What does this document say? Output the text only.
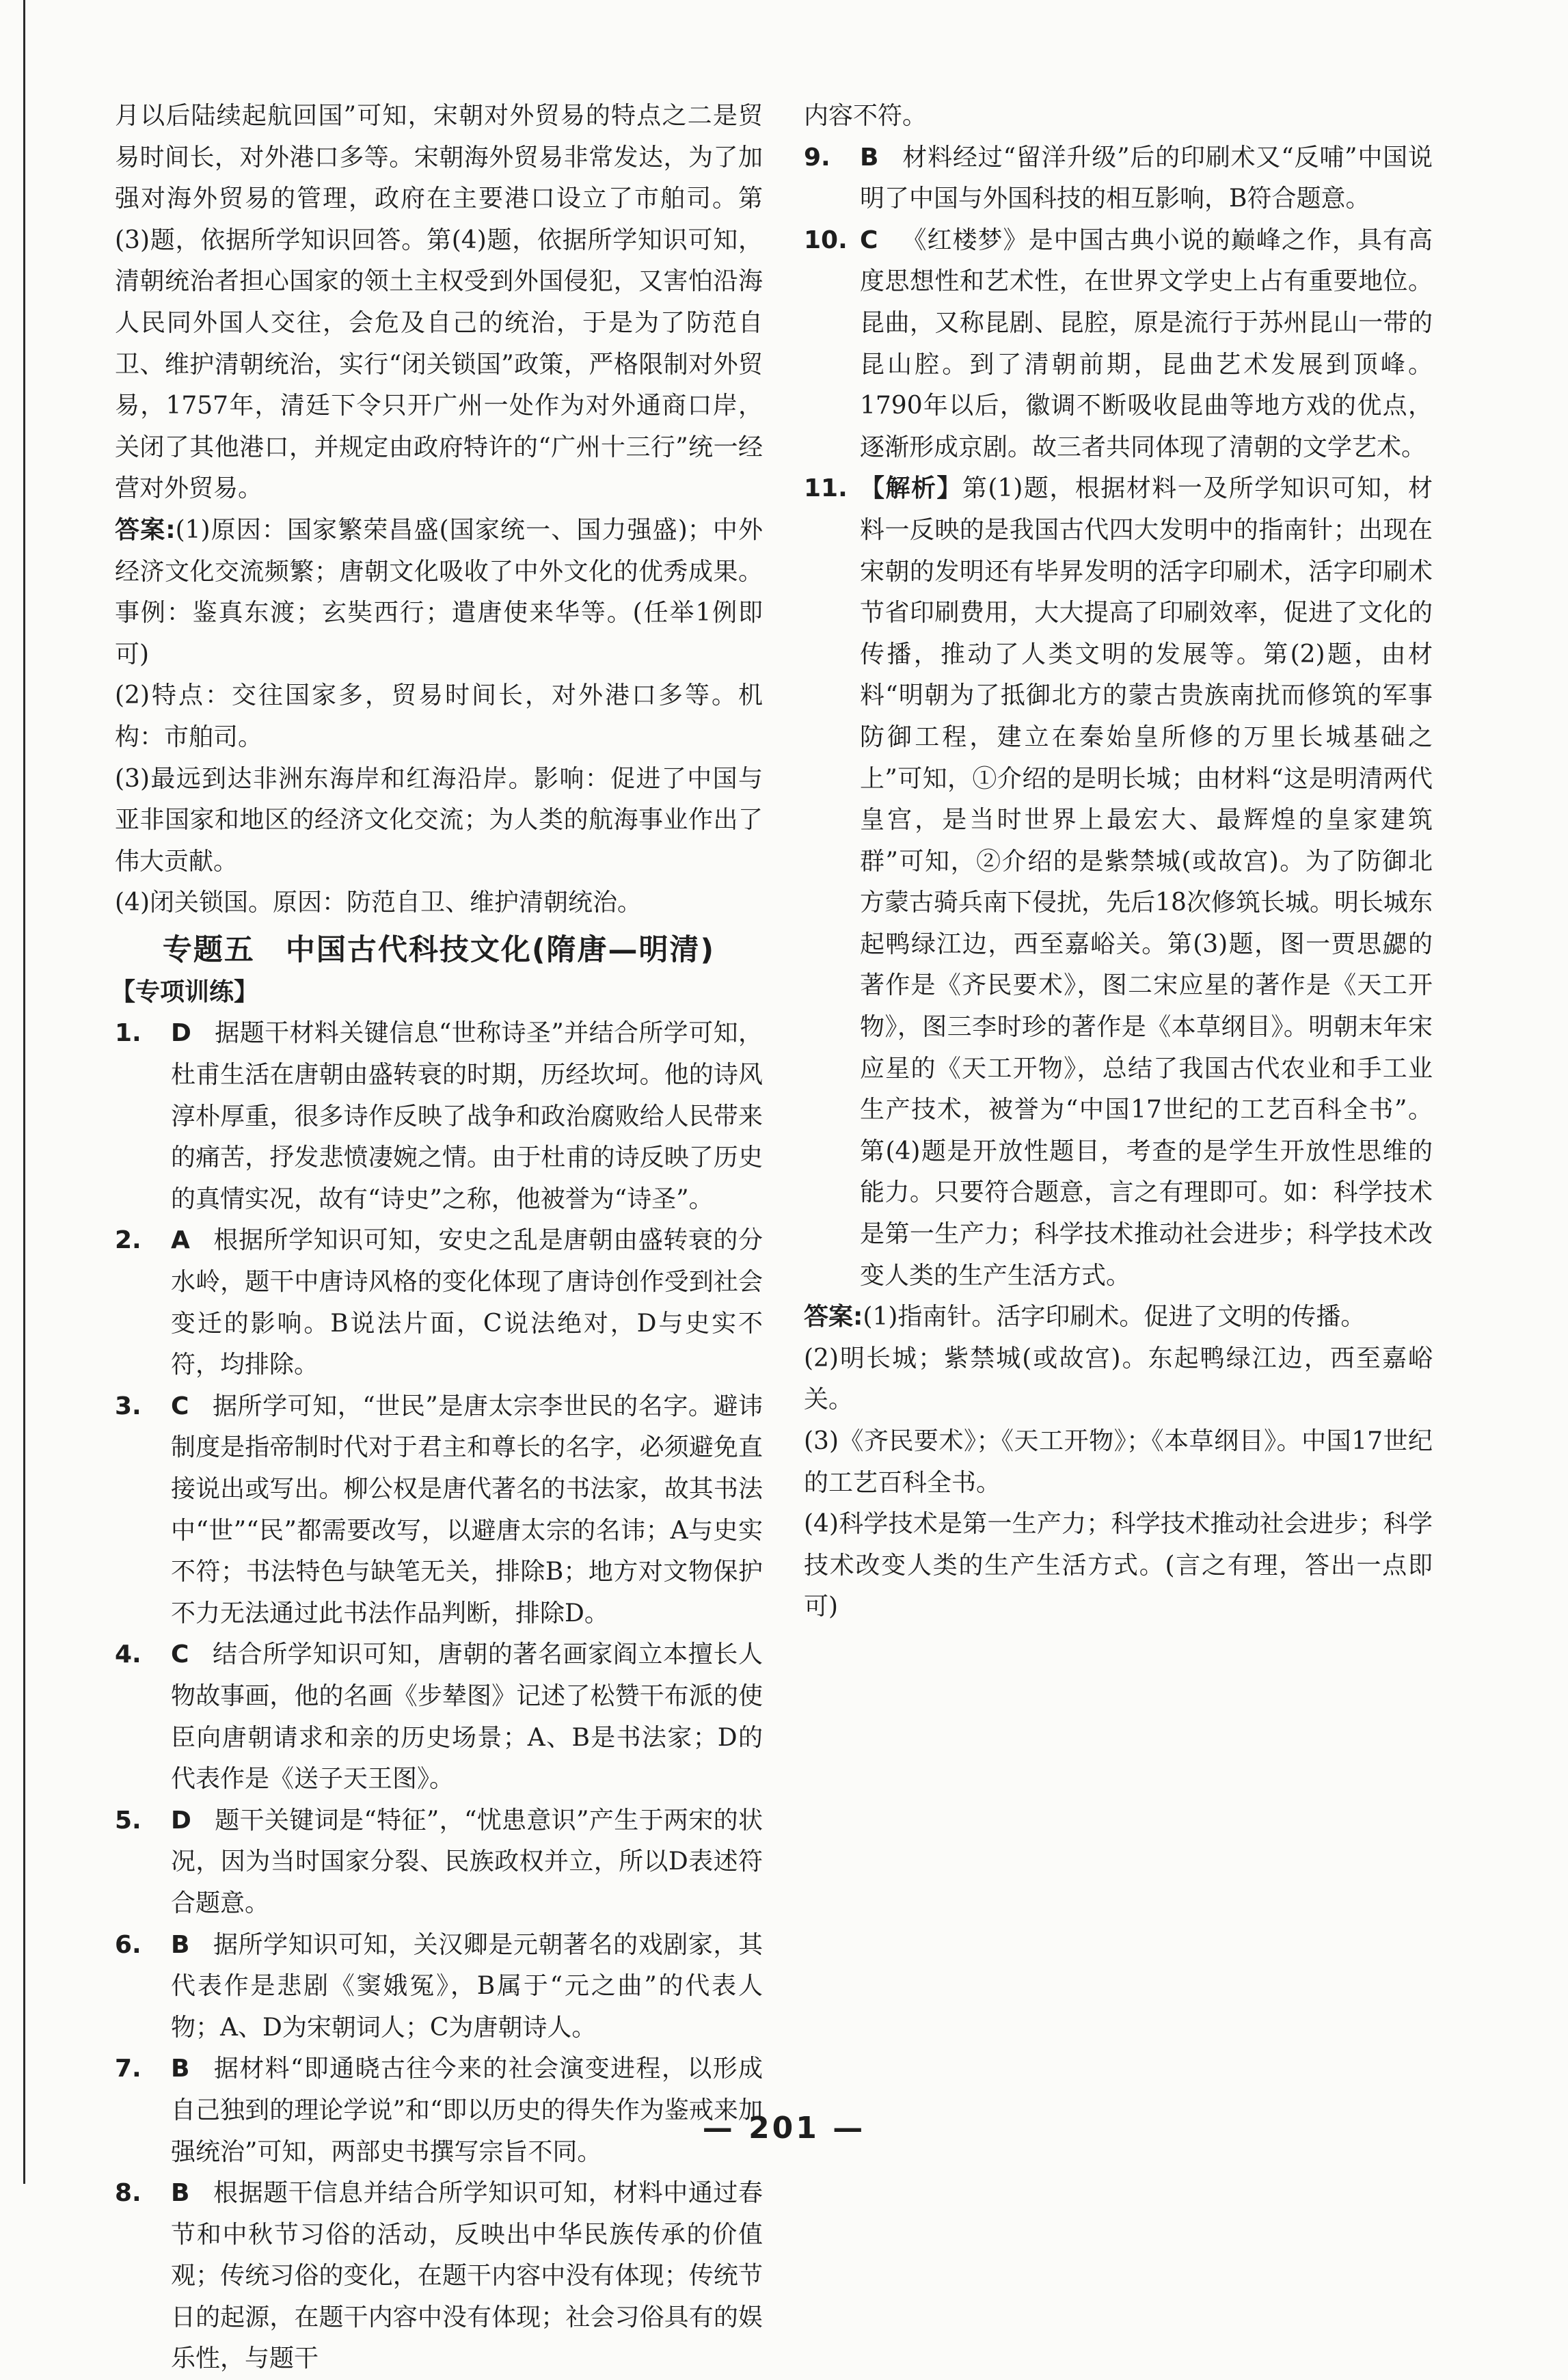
月以后陆续起航回国”可知，宋朝对外贸易的特点之二是贸易时间长，对外港口多等。宋朝海外贸易非常发达，为了加强对海外贸易的管理，政府在主要港口设立了市舶司。第(3)题，依据所学知识回答。第(4)题，依据所学知识可知，清朝统治者担心国家的领土主权受到外国侵犯，又害怕沿海人民同外国人交往，会危及自己的统治，于是为了防范自卫、维护清朝统治，实行“闭关锁国”政策，严格限制对外贸易，1757年，清廷下令只开广州一处作为对外通商口岸，关闭了其他港口，并规定由政府特许的“广州十三行”统一经营对外贸易。

答案:(1)原因：国家繁荣昌盛(国家统一、国力强盛)；中外经济文化交流频繁；唐朝文化吸收了中外文化的优秀成果。事例：鉴真东渡；玄奘西行；遣唐使来华等。(任举1例即可)

(2)特点：交往国家多，贸易时间长，对外港口多等。机构：市舶司。

(3)最远到达非洲东海岸和红海沿岸。影响：促进了中国与亚非国家和地区的经济文化交流；为人类的航海事业作出了伟大贡献。

(4)闭关锁国。原因：防范自卫、维护清朝统治。

专题五　中国古代科技文化(隋唐—明清)

【专项训练】

1.	D 据题干材料关键信息“世称诗圣”并结合所学可知，杜甫生活在唐朝由盛转衰的时期，历经坎坷。他的诗风淳朴厚重，很多诗作反映了战争和政治腐败给人民带来的痛苦，抒发悲愤凄婉之情。由于杜甫的诗反映了历史的真情实况，故有“诗史”之称，他被誉为“诗圣”。
2.	A 根据所学知识可知，安史之乱是唐朝由盛转衰的分水岭，题干中唐诗风格的变化体现了唐诗创作受到社会变迁的影响。B说法片面，C说法绝对，D与史实不符，均排除。
3.	C 据所学可知，“世民”是唐太宗李世民的名字。避讳制度是指帝制时代对于君主和尊长的名字，必须避免直接说出或写出。柳公权是唐代著名的书法家，故其书法中“世”“民”都需要改写，以避唐太宗的名讳；A与史实不符；书法特色与缺笔无关，排除B；地方对文物保护不力无法通过此书法作品判断，排除D。
4.	C 结合所学知识可知，唐朝的著名画家阎立本擅长人物故事画，他的名画《步辇图》记述了松赞干布派的使臣向唐朝请求和亲的历史场景；A、B是书法家；D的代表作是《送子天王图》。
5.	D 题干关键词是“特征”，“忧患意识”产生于两宋的状况，因为当时国家分裂、民族政权并立，所以D表述符合题意。
6.	B 据所学知识可知，关汉卿是元朝著名的戏剧家，其代表作是悲剧《窦娥冤》，B属于“元之曲”的代表人物；A、D为宋朝词人；C为唐朝诗人。
7.	B 据材料“即通晓古往今来的社会演变进程，以形成自己独到的理论学说”和“即以历史的得失作为鉴戒来加强统治”可知，两部史书撰写宗旨不同。
8.	B 根据题干信息并结合所学知识可知，材料中通过春节和中秋节习俗的活动，反映出中华民族传承的价值观；传统习俗的变化，在题干内容中没有体现；传统节日的起源，在题干内容中没有体现；社会习俗具有的娱乐性，与题干

内容不符。

9.	B 材料经过“留洋升级”后的印刷术又“反哺”中国说明了中国与外国科技的相互影响，B符合题意。
10. C 《红楼梦》是中国古典小说的巅峰之作，具有高度思想性和艺术性，在世界文学史上占有重要地位。昆曲，又称昆剧、昆腔，原是流行于苏州昆山一带的昆山腔。到了清朝前期，昆曲艺术发展到顶峰。1790年以后，徽调不断吸收昆曲等地方戏的优点，逐渐形成京剧。故三者共同体现了清朝的文学艺术。
11. 【解析】第(1)题，根据材料一及所学知识可知，材料一反映的是我国古代四大发明中的指南针；出现在宋朝的发明还有毕昇发明的活字印刷术，活字印刷术节省印刷费用，大大提高了印刷效率，促进了文化的传播，推动了人类文明的发展等。第(2)题，由材料“明朝为了抵御北方的蒙古贵族南扰而修筑的军事防御工程，建立在秦始皇所修的万里长城基础之上”可知，①介绍的是明长城；由材料“这是明清两代皇宫，是当时世界上最宏大、最辉煌的皇家建筑群”可知，②介绍的是紫禁城(或故宫)。为了防御北方蒙古骑兵南下侵扰，先后18次修筑长城。明长城东起鸭绿江边，西至嘉峪关。第(3)题，图一贾思勰的著作是《齐民要术》，图二宋应星的著作是《天工开物》，图三李时珍的著作是《本草纲目》。明朝末年宋应星的《天工开物》，总结了我国古代农业和手工业生产技术，被誉为“中国17世纪的工艺百科全书”。第(4)题是开放性题目，考查的是学生开放性思维的能力。只要符合题意，言之有理即可。如：科学技术是第一生产力；科学技术推动社会进步；科学技术改变人类的生产生活方式。

答案:(1)指南针。活字印刷术。促进了文明的传播。

(2)明长城；紫禁城(或故宫)。东起鸭绿江边，西至嘉峪关。

(3)《齐民要术》；《天工开物》；《本草纲目》。中国17世纪的工艺百科全书。

(4)科学技术是第一生产力；科学技术推动社会进步；科学技术改变人类的生产生活方式。(言之有理，答出一点即可)

— 201 —
